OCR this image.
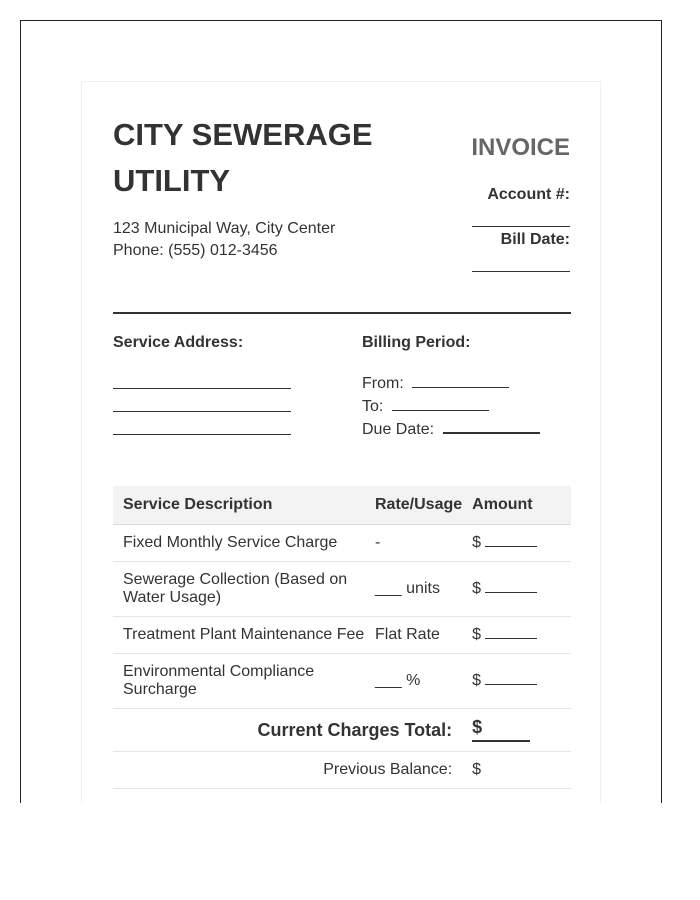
CITY SEWERAGE UTILITY
123 Municipal Way, City Center
Phone: (555) 012-3456
INVOICE
Account #:
Bill Date:
Service Address:	Billing Period:
From:
To:
Due Date:
Service Description	Rate/Usage	Amount
Fixed Monthly Service Charge	-	$
Sewerage Collection (Based on Water Usage)	___ units	$
Treatment Plant Maintenance Fee	Flat Rate	$
Environmental Compliance Surcharge	___ %	$
Current Charges Total:		$

Previous Balance:		$
